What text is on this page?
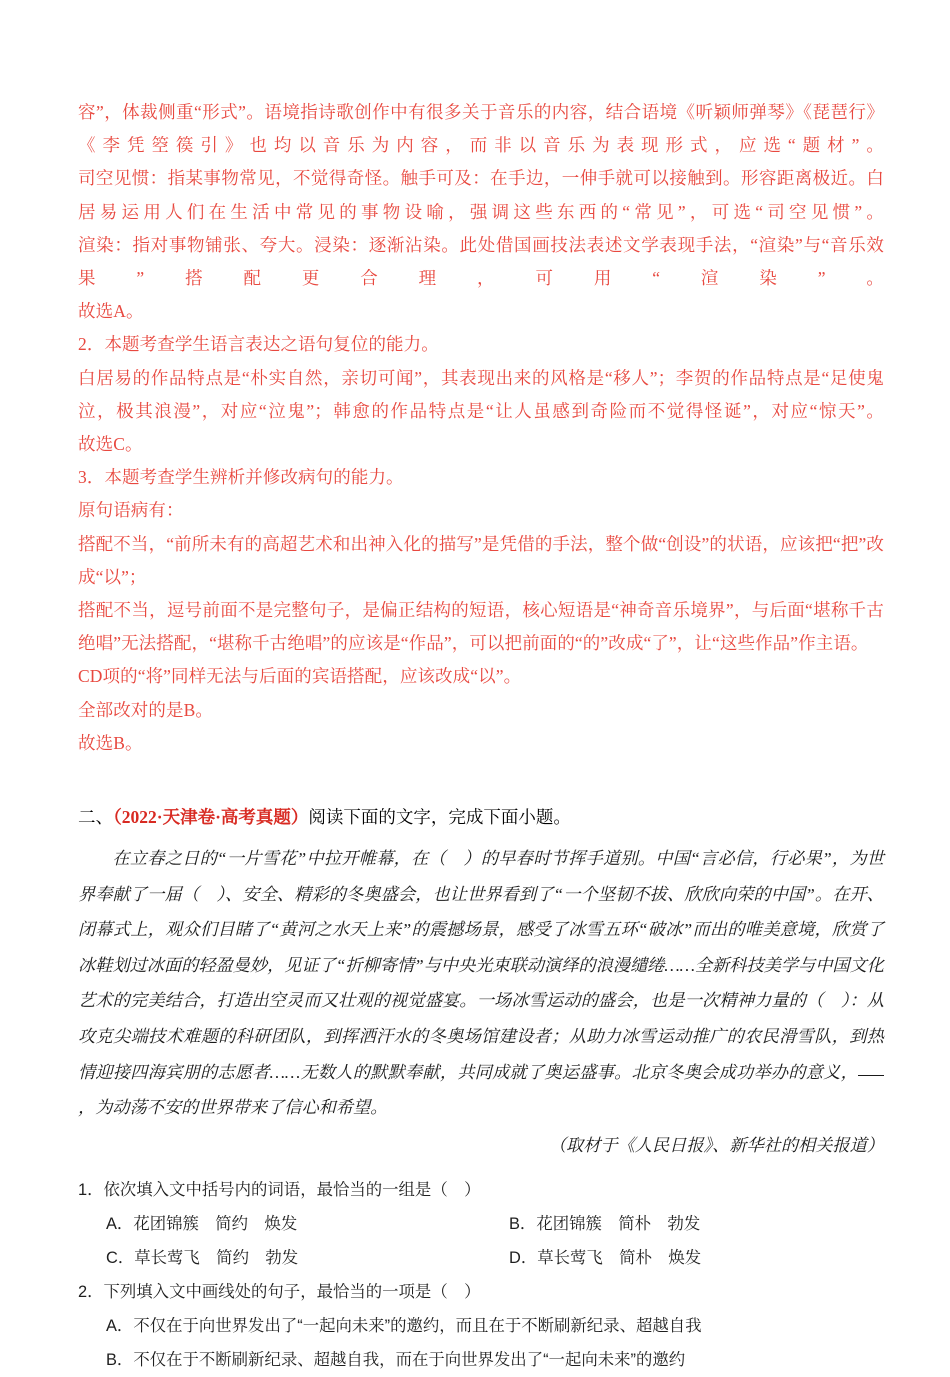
容”，体裁侧重“形式”。语境指诗歌创作中有很多关于音乐的内容，结合语境《听颖师弹琴》《琵琶行》《李凭箜篌引》也均以音乐为内容，而非以音乐为表现形式，应选“题材”。

司空见惯：指某事物常见，不觉得奇怪。触手可及：在手边，一伸手就可以接触到。形容距离极近。白居易运用人们在生活中常见的事物设喻，强调这些东西的“常见”，可选“司空见惯”。

渲染：指对事物铺张、夸大。浸染：逐渐沾染。此处借国画技法表述文学表现手法，“渲染”与“音乐效果”搭配更合理，可用“渲染”。

故选A。

2．本题考查学生语言表达之语句复位的能力。

白居易的作品特点是“朴实自然，亲切可闻”，其表现出来的风格是“移人”；李贺的作品特点是“足使鬼泣，极其浪漫”，对应“泣鬼”；韩愈的作品特点是“让人虽感到奇险而不觉得怪诞”，对应“惊天”。

故选C。

3．本题考查学生辨析并修改病句的能力。

原句语病有：

搭配不当，“前所未有的高超艺术和出神入化的描写”是凭借的手法，整个做“创设”的状语，应该把“把”改成“以”；

搭配不当，逗号前面不是完整句子，是偏正结构的短语，核心短语是“神奇音乐境界”，与后面“堪称千古绝唱”无法搭配，“堪称千古绝唱”的应该是“作品”，可以把前面的“的”改成“了”，让“这些作品”作主语。

CD项的“将”同样无法与后面的宾语搭配，应该改成“以”。

全部改对的是B。

故选B。

二、（2022·天津卷·高考真题）阅读下面的文字，完成下面小题。

在立春之日的“一片雪花”中拉开帷幕，在（　）的早春时节挥手道别。中国“言必信，行必果”，为世界奉献了一届（　）、安全、精彩的冬奥盛会，也让世界看到了“一个坚韧不拔、欣欣向荣的中国”。在开、闭幕式上，观众们目睹了“黄河之水天上来”的震撼场景，感受了冰雪五环“破冰”而出的唯美意境，欣赏了冰鞋划过冰面的轻盈曼妙，见证了“折柳寄情”与中央光束联动演绎的浪漫缱绻……全新科技美学与中国文化艺术的完美结合，打造出空灵而又壮观的视觉盛宴。一场冰雪运动的盛会，也是一次精神力量的（　）：从攻克尖端技术难题的科研团队，到挥洒汗水的冬奥场馆建设者；从助力冰雪运动推广的农民滑雪队，到热情迎接四海宾朋的志愿者……无数人的默默奉献，共同成就了奥运盛事。北京冬奥会成功举办的意义，，为动荡不安的世界带来了信心和希望。

（取材于《人民日报》、新华社的相关报道）

1．依次填入文中括号内的词语，最恰当的一组是（　）

A．花团锦簇　简约　焕发	B．花团锦簇　简朴　勃发
C．草长莺飞　简约　勃发	D．草长莺飞　简朴　焕发

2．下列填入文中画线处的句子，最恰当的一项是（　）

A．不仅在于向世界发出了“一起向未来”的邀约，而且在于不断刷新纪录、超越自我
B．不仅在于不断刷新纪录、超越自我，而在于向世界发出了“一起向未来”的邀约
